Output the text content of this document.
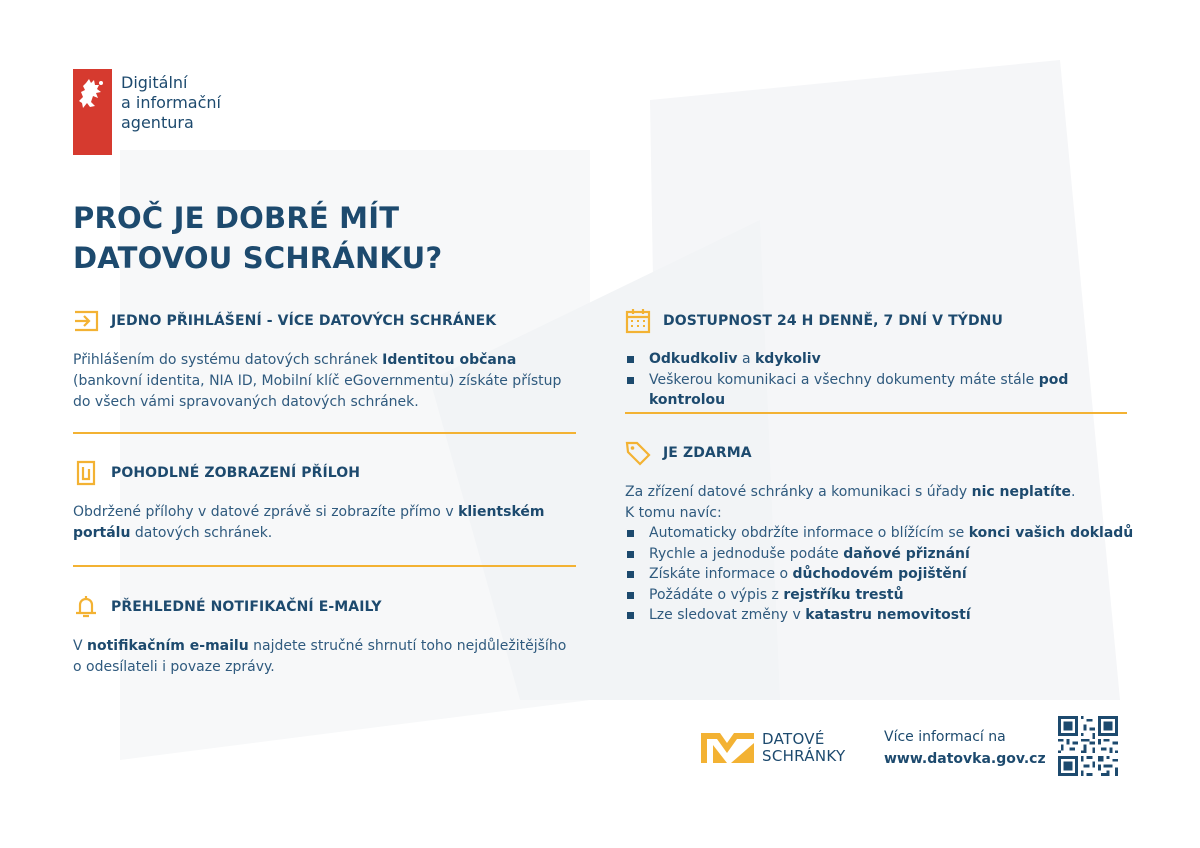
Digitální
a informační
agentura
PROČ JE DOBRÉ MÍT
DATOVOU SCHRÁNKU?
JEDNO PŘIHLÁŠENÍ - VÍCE DATOVÝCH SCHRÁNEK

Přihlášením do systému datových schránek Identitou občana (bankovní identita, NIA ID, Mobilní klíč eGovernmentu) získáte přístup do všech vámi spravovaných datových schránek.

POHODLNÉ ZOBRAZENÍ PŘÍLOH

Obdržené přílohy v datové zprávě si zobrazíte přímo v klientském portálu datových schránek.

PŘEHLEDNÉ NOTIFIKAČNÍ E-MAILY

V notifikačním e-mailu najdete stručné shrnutí toho nejdůležitějšího o odesílateli i povaze zprávy.

DOSTUPNOST 24 H DENNĚ, 7 DNÍ V TÝDNU
Odkudkoliv a kdykoliv
Veškerou komunikaci a všechny dokumenty máte stále pod kontrolou
JE ZDARMA

Za zřízení datové schránky a komunikaci s úřady nic neplatíte.
K tomu navíc:

Automaticky obdržíte informace o blížícím se konci vašich dokladů
Rychle a jednoduše podáte daňové přiznání
Získáte informace o důchodovém pojištění
Požádáte o výpis z rejstříku trestů
Lze sledovat změny v katastru nemovitostí
DATOVÉ
SCHRÁNKY
Více informací na
www.datovka.gov.cz
